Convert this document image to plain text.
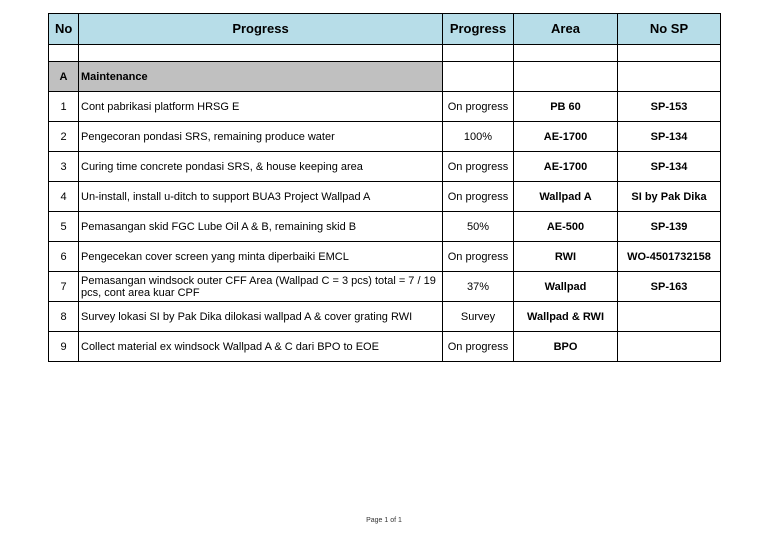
No	Progress	Progress	Area	No SP

A	Maintenance			
1	Cont pabrikasi platform HRSG E	On progress	PB 60	SP-153
2	Pengecoran pondasi SRS, remaining produce water	100%	AE-1700	SP-134
3	Curing time concrete pondasi SRS, & house keeping area	On progress	AE-1700	SP-134
4	Un-install, install u-ditch to support BUA3 Project Wallpad A	On progress	Wallpad A	SI by Pak Dika
5	Pemasangan skid FGC Lube Oil A & B, remaining skid B	50%	AE-500	SP-139
6	Pengecekan cover screen yang minta diperbaiki EMCL	On progress	RWI	WO-4501732158
7	Pemasangan windsock outer CFF Area (Wallpad C = 3 pcs) total = 7 / 19 pcs, cont area kuar CPF	37%	Wallpad	SP-163
8	Survey lokasi SI by Pak Dika dilokasi wallpad A & cover grating RWI	Survey	Wallpad & RWI	
9	Collect material ex windsock Wallpad A & C dari BPO to EOE	On progress	BPO	
Page 1 of 1
